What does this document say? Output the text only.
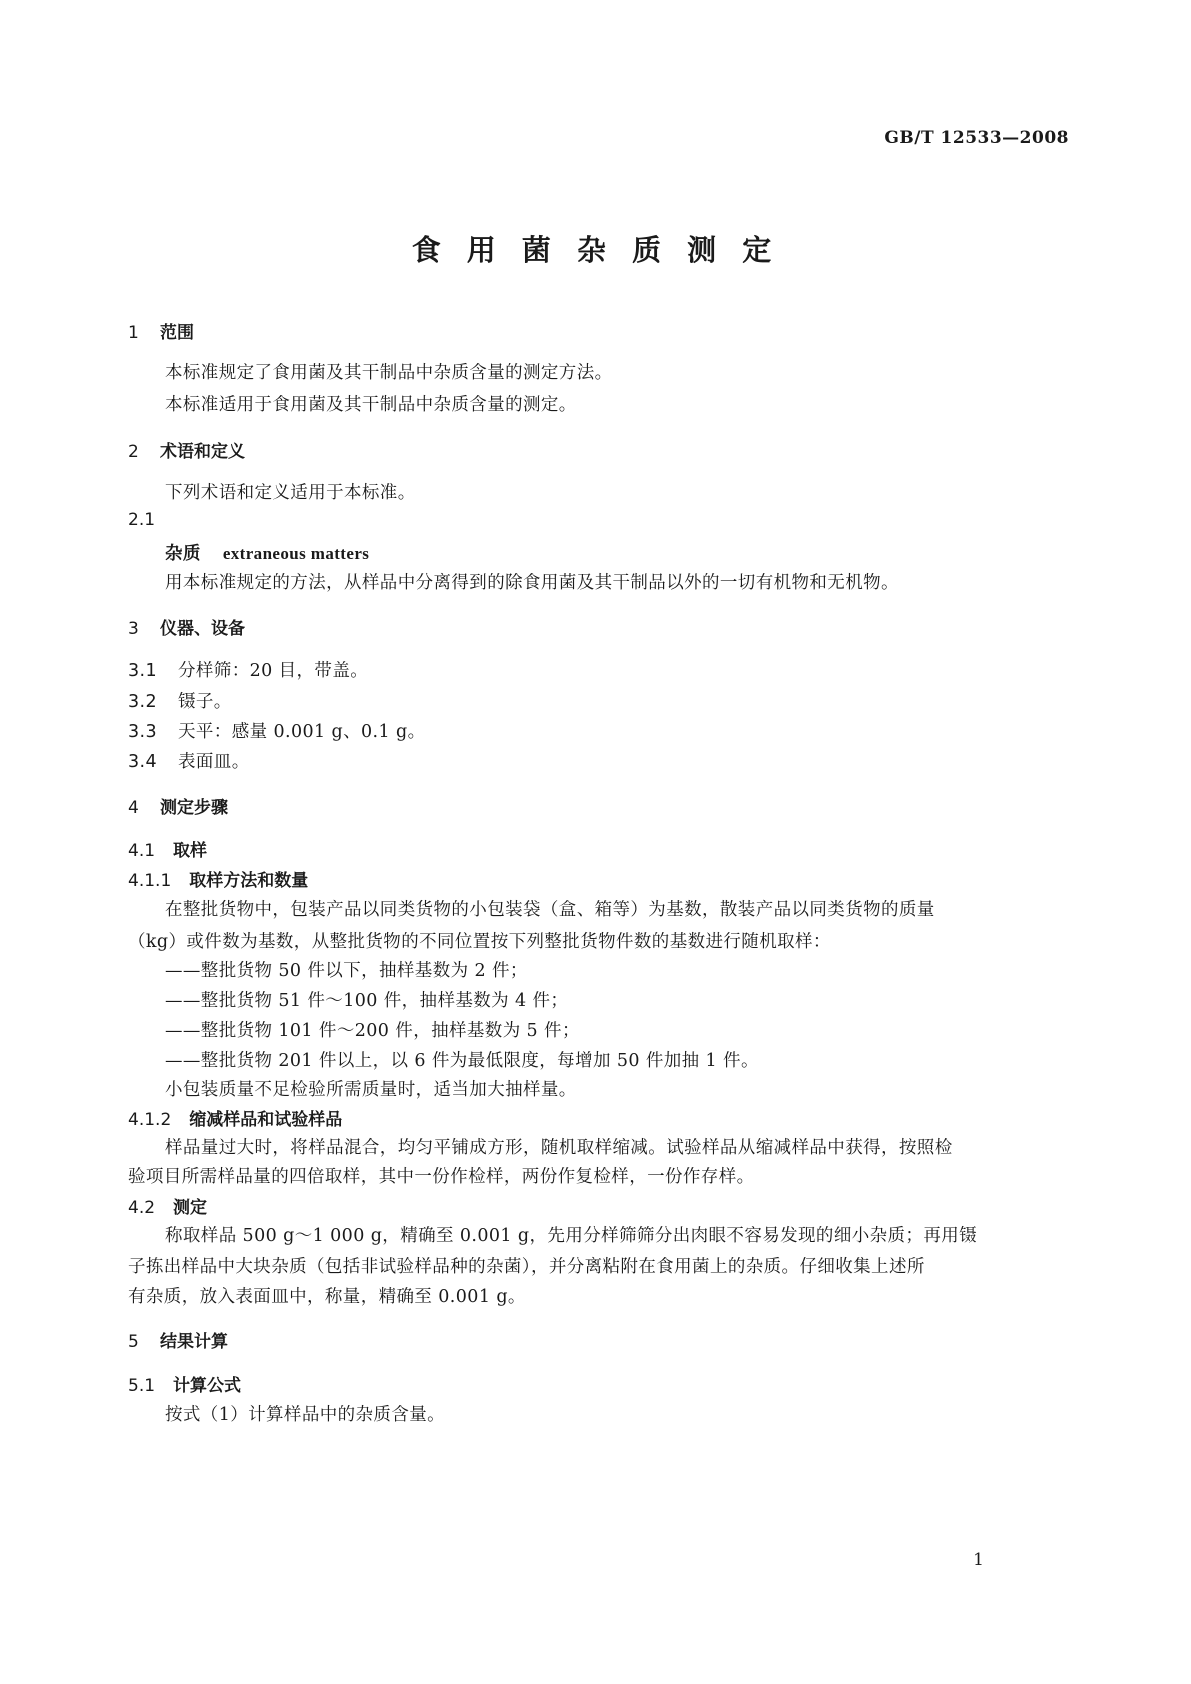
GB/T 12533—2008
食 用 菌 杂 质 测 定
1 范围
本标准规定了食用菌及其干制品中杂质含量的测定方法。
本标准适用于食用菌及其干制品中杂质含量的测定。
2 术语和定义
下列术语和定义适用于本标准。
2.1
杂质 extraneous matters
用本标准规定的方法，从样品中分离得到的除食用菌及其干制品以外的一切有机物和无机物。
3 仪器、设备
3.1 分样筛：20 目，带盖。
3.2 镊子。
3.3 天平：感量 0.001 g、0.1 g。
3.4 表面皿。
4 测定步骤
4.1 取样
4.1.1 取样方法和数量
在整批货物中，包装产品以同类货物的小包装袋（盒、箱等）为基数，散装产品以同类货物的质量
（kg）或件数为基数，从整批货物的不同位置按下列整批货物件数的基数进行随机取样：
——整批货物 50 件以下，抽样基数为 2 件；
——整批货物 51 件～100 件，抽样基数为 4 件；
——整批货物 101 件～200 件，抽样基数为 5 件；
——整批货物 201 件以上，以 6 件为最低限度，每增加 50 件加抽 1 件。
小包装质量不足检验所需质量时，适当加大抽样量。
4.1.2 缩减样品和试验样品
样品量过大时，将样品混合，均匀平铺成方形，随机取样缩减。试验样品从缩减样品中获得，按照检
验项目所需样品量的四倍取样，其中一份作检样，两份作复检样，一份作存样。
4.2 测定
称取样品 500 g～1 000 g，精确至 0.001 g，先用分样筛筛分出肉眼不容易发现的细小杂质；再用镊
子拣出样品中大块杂质（包括非试验样品种的杂菌），并分离粘附在食用菌上的杂质。仔细收集上述所
有杂质，放入表面皿中，称量，精确至 0.001 g。
5 结果计算
5.1 计算公式
按式（1）计算样品中的杂质含量。
1
